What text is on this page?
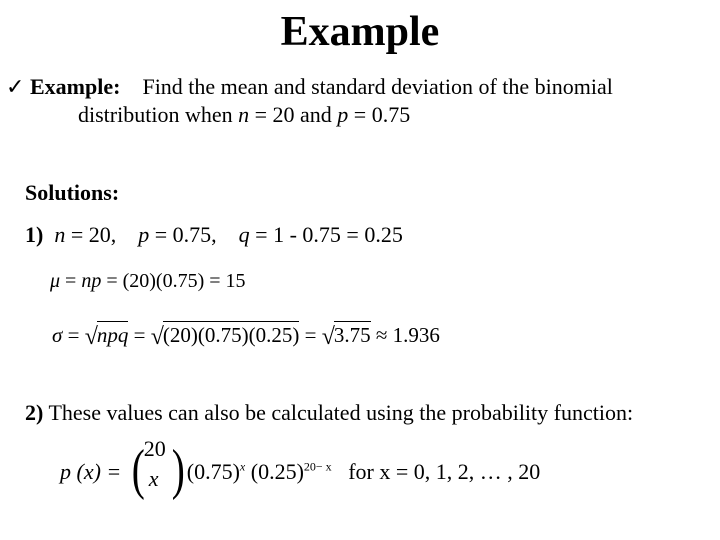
Example
✓ Example: Find the mean and standard deviation of the binomial
distribution when n = 20 and p = 0.75
Solutions:
1) n = 20, p = 0.75, q = 1 - 0.75 = 0.25
μ = np = (20)(0.75) = 15
σ = √npq = √(20)(0.75)(0.25) = √3.75 ≈ 1.936
2) These values can also be calculated using the probability function:
p (x) = ( 20
x ) $(0.75)^x$ $(0.25)^{20- x}$ for x = 0, 1, 2, … , 20
